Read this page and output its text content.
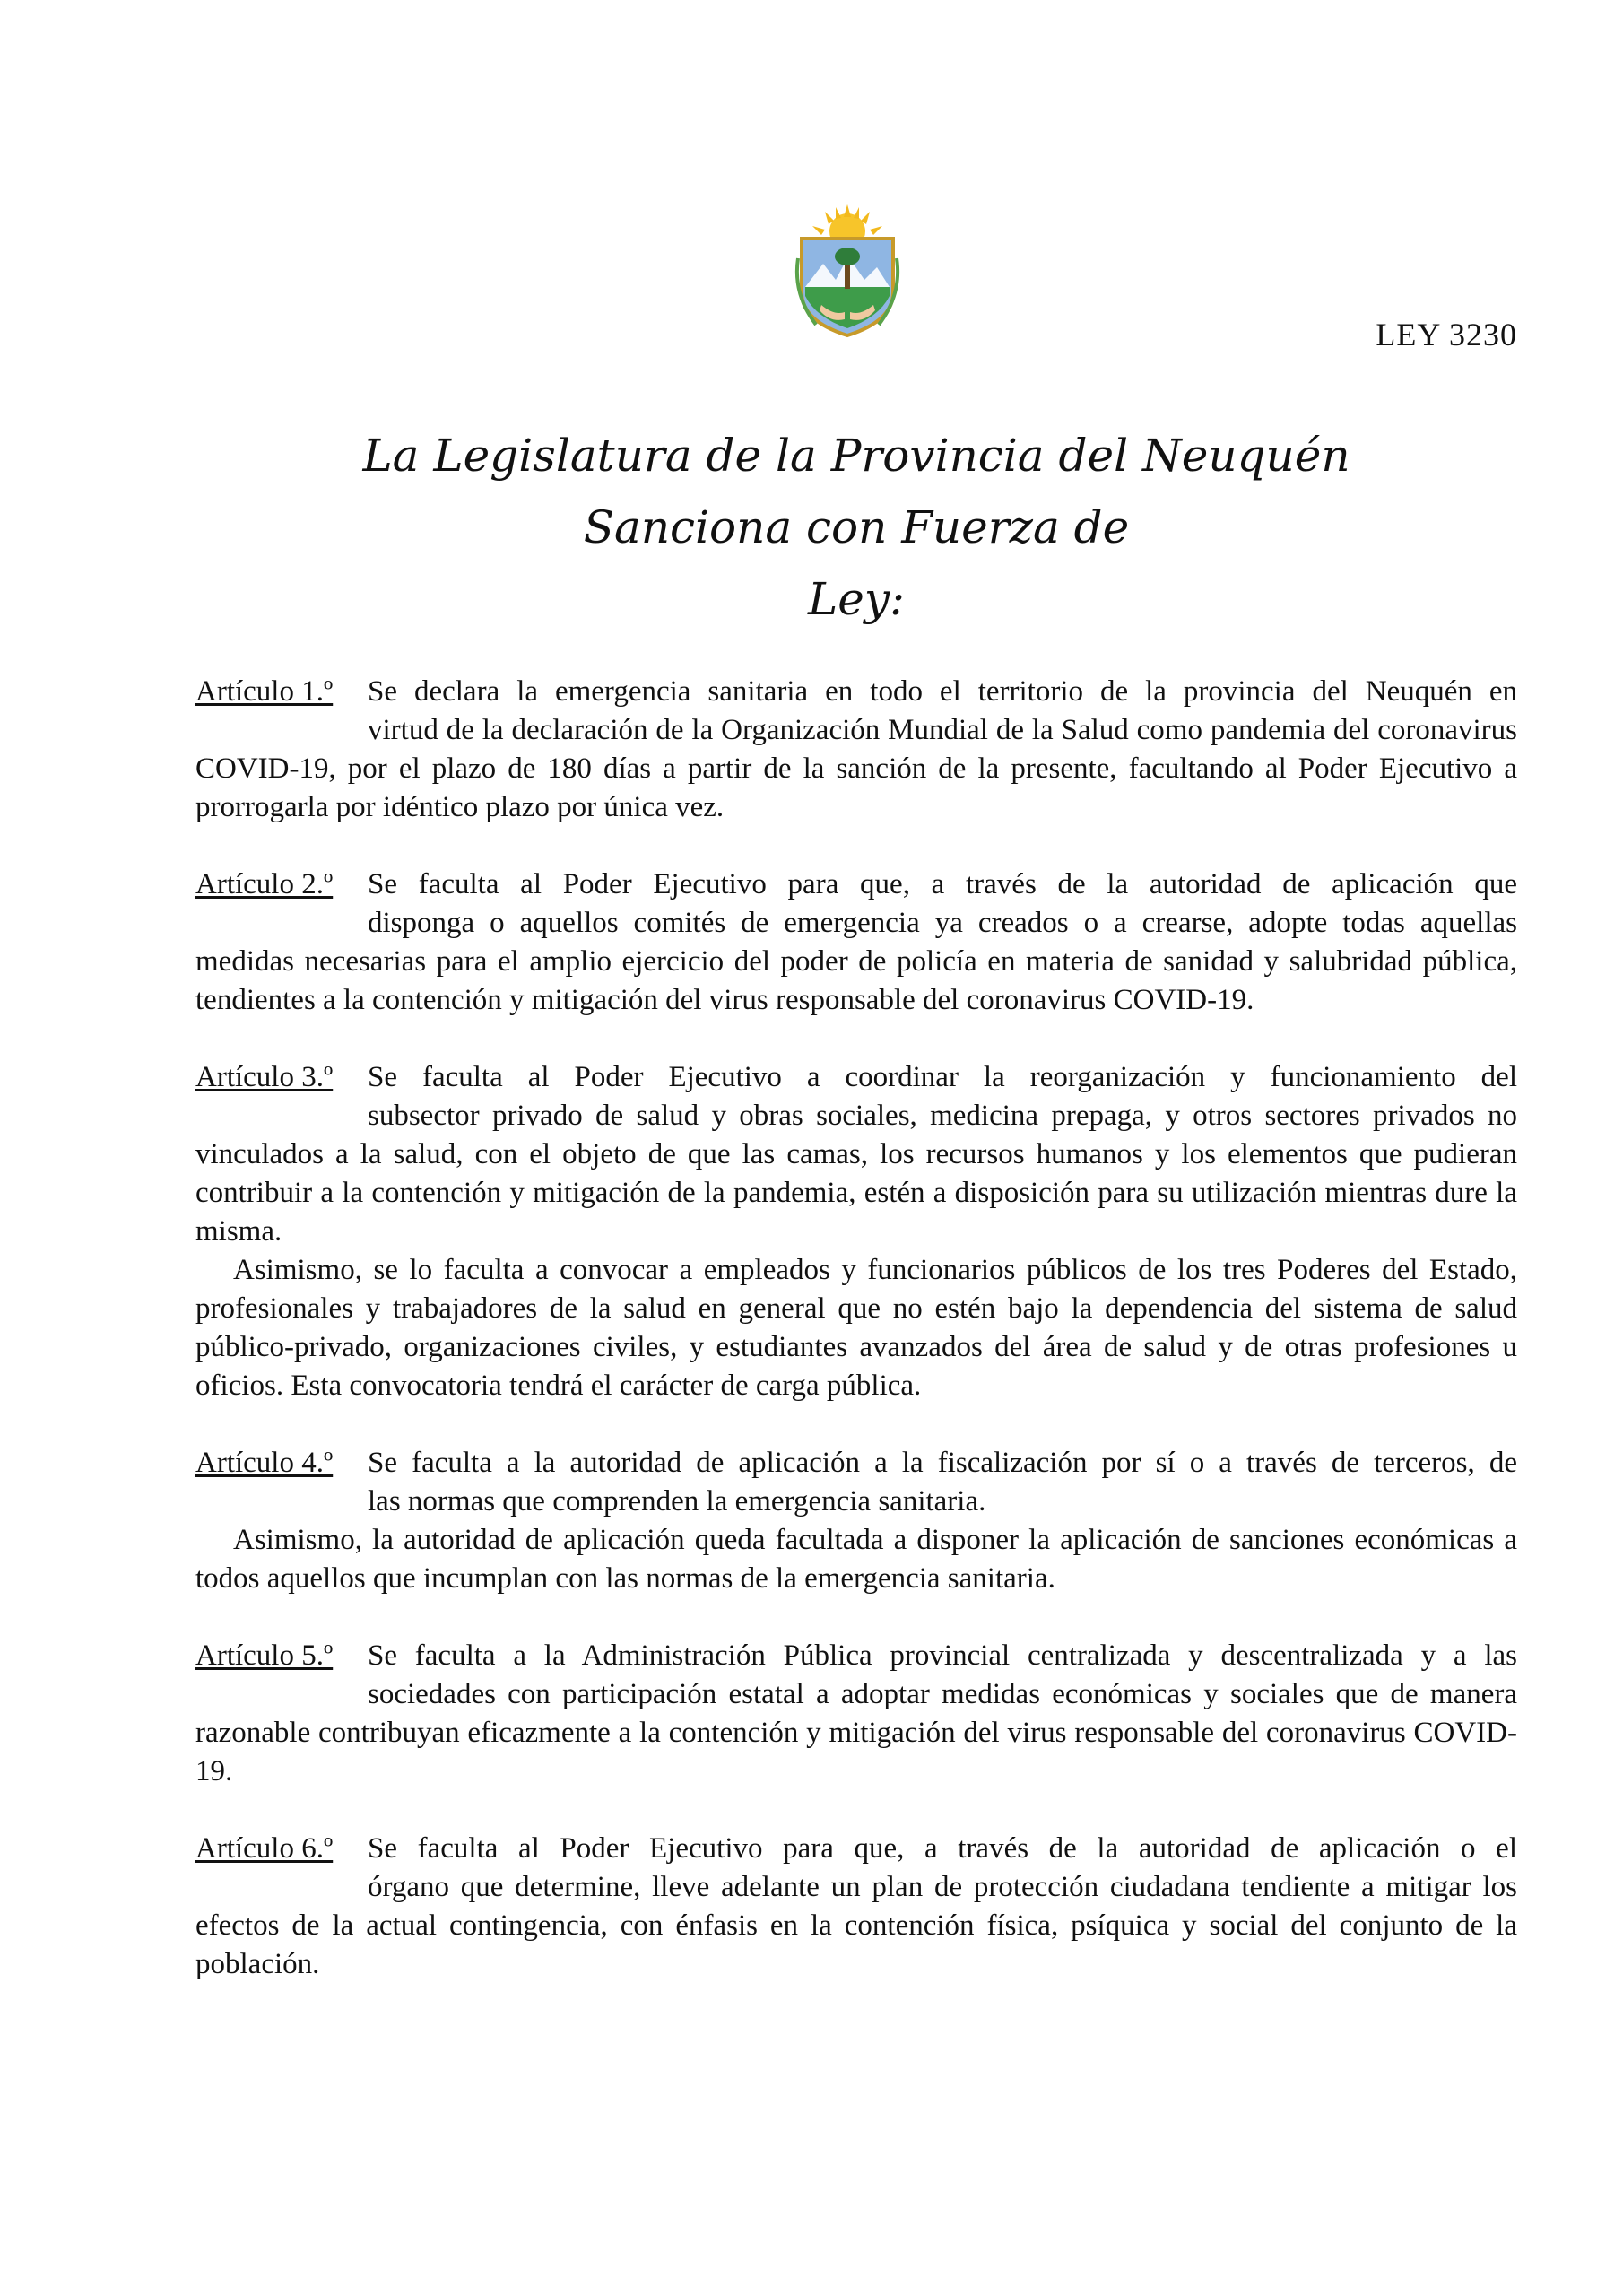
LEY 3230
La Legislatura de la Provincia del Neuquén
Sanciona con Fuerza de
Ley:
Artículo 1.º	Se declara la emergencia sanitaria en todo el territorio de la provincia del Neuquén en
virtud de la declaración de la Organización Mundial de la Salud como pandemia del coronavirus COVID-19, por el plazo de 180 días a partir de la sanción de la presente, facultando al Poder Ejecutivo a prorrogarla por idéntico plazo por única vez.
Artículo 2.º	Se faculta al Poder Ejecutivo para que, a través de la autoridad de aplicación que
disponga o aquellos comités de emergencia ya creados o a crearse, adopte todas aquellas medidas necesarias para el amplio ejercicio del poder de policía en materia de sanidad y salubridad pública, tendientes a la contención y mitigación del virus responsable del coronavirus COVID-19.
Artículo 3.º	Se faculta al Poder Ejecutivo a coordinar la reorganización y funcionamiento del
subsector privado de salud y obras sociales, medicina prepaga, y otros sectores privados no vinculados a la salud, con el objeto de que las camas, los recursos humanos y los elementos que pudieran contribuir a la contención y mitigación de la pandemia, estén a disposición para su utilización mientras dure la misma.
Asimismo, se lo faculta a convocar a empleados y funcionarios públicos de los tres Poderes del Estado, profesionales y trabajadores de la salud en general que no estén bajo la dependencia del sistema de salud público-privado, organizaciones civiles, y estudiantes avanzados del área de salud y de otras profesiones u oficios. Esta convocatoria tendrá el carácter de carga pública.
Artículo 4.º	Se faculta a la autoridad de aplicación a la fiscalización por sí o a través de terceros, de
las normas que comprenden la emergencia sanitaria.
Asimismo, la autoridad de aplicación queda facultada a disponer la aplicación de sanciones económicas a todos aquellos que incumplan con las normas de la emergencia sanitaria.
Artículo 5.º	Se faculta a la Administración Pública provincial centralizada y descentralizada y a las
sociedades con participación estatal a adoptar medidas económicas y sociales que de manera razonable contribuyan eficazmente a la contención y mitigación del virus responsable del coronavirus COVID-19.
Artículo 6.º	Se faculta al Poder Ejecutivo para que, a través de la autoridad de aplicación o el
órgano que determine, lleve adelante un plan de protección ciudadana tendiente a mitigar los efectos de la actual contingencia, con énfasis en la contención física, psíquica y social del conjunto de la población.
